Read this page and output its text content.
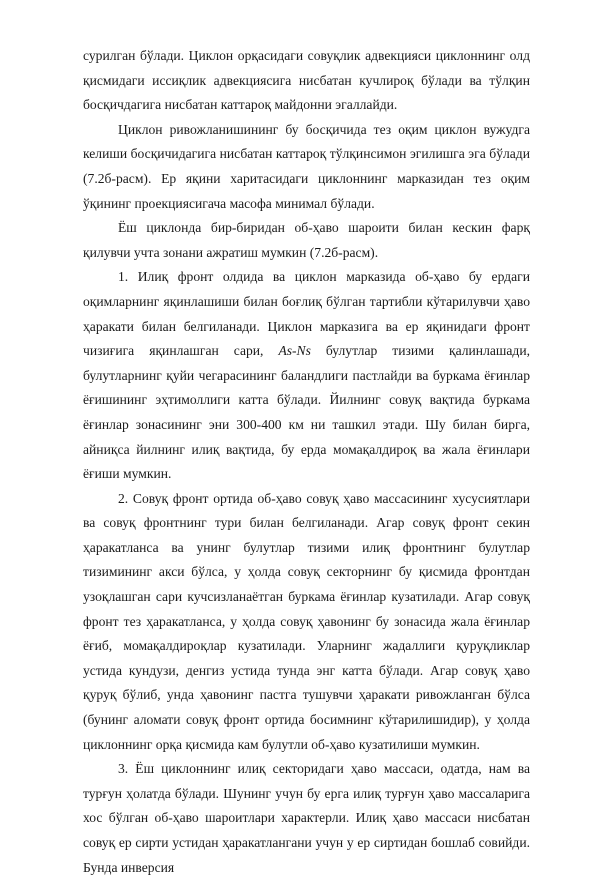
сурилган бўлади. Циклон орқасидаги совуқлик адвекцияси циклоннинг олд қисмидаги иссиқлик адвекциясига нисбатан кучлироқ бўлади ва тўлқин босқичдагига нисбатан каттароқ майдонни эгаллайди.

Циклон ривожланишининг бу босқичида тез оқим циклон вужудга келиши босқичидагига нисбатан каттароқ тўлқинсимон эгилишга эга бўлади (7.2б-расм). Ер яқини харитасидаги циклоннинг марказидан тез оқим ўқининг проекциясигача масофа минимал бўлади.

Ёш циклонда бир-биридан об-ҳаво шароити билан кескин фарқ қилувчи учта зонани ажратиш мумкин (7.2б-расм).

1. Илиқ фронт олдида ва циклон марказида об-ҳаво бу ердаги оқимларнинг яқинлашиши билан боғлиқ бўлган тартибли кўтарилувчи ҳаво ҳаракати билан белгиланади. Циклон марказига ва ер яқинидаги фронт чизиғига яқинлашган сари, As-Ns булутлар тизими қалинлашади, булутларнинг қуйи чегарасининг баландлиги пастлайди ва буркама ёғинлар ёғишининг эҳтимоллиги катта бўлади. Йилнинг совуқ вақтида буркама ёғинлар зонасининг эни 300-400 км ни ташкил этади. Шу билан бирга, айниқса йилнинг илиқ вақтида, бу ерда момақалдироқ ва жала ёғинлари ёғиши мумкин.

2. Совуқ фронт ортида об-ҳаво совуқ ҳаво массасининг хусусиятлари ва совуқ фронтнинг тури билан белгиланади. Агар совуқ фронт секин ҳаракатланса ва унинг булутлар тизими илиқ фронтнинг булутлар тизимининг акси бўлса, у ҳолда совуқ секторнинг бу қисмида фронтдан узоқлашган сари кучсизланаётган буркама ёғинлар кузатилади. Агар совуқ фронт тез ҳаракатланса, у ҳолда совуқ ҳавонинг бу зонасида жала ёғинлар ёғиб, момақалдироқлар кузатилади. Уларнинг жадаллиги қуруқликлар устида кундузи, денгиз устида тунда энг катта бўлади. Агар совуқ ҳаво қуруқ бўлиб, унда ҳавонинг пастга тушувчи ҳаракати ривожланган бўлса (бунинг аломати совуқ фронт ортида босимнинг кўтарилишидир), у ҳолда циклоннинг орқа қисмида кам булутли об-ҳаво кузатилиши мумкин.

3. Ёш циклоннинг илиқ секторидаги ҳаво массаси, одатда, нам ва турғун ҳолатда бўлади. Шунинг учун бу ерга илиқ турғун ҳаво массаларига хос бўлган об-ҳаво шароитлари характерли. Илиқ ҳаво массаси нисбатан совуқ ер сирти устидан ҳаракатлангани учун у ер сиртидан бошлаб совийди. Бунда инверсия
